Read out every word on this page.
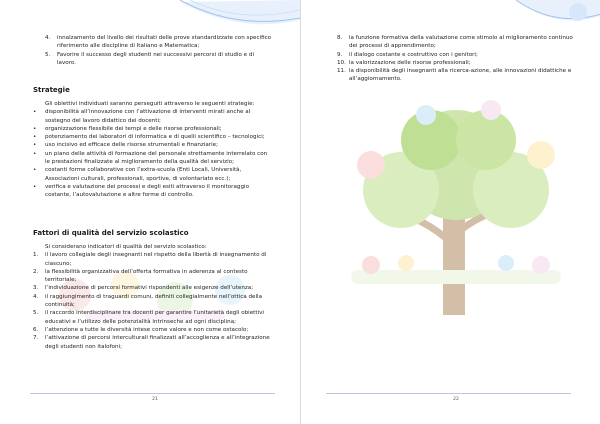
4. innalzamento del livello dei risultati delle prove standardizzate con specifico riferimento alle discipline di Italiano e Matematica;
5. Favorire il successo degli studenti nei successivi percorsi di studio e di lavoro.
Strategie
Gli obiettivi individuati saranno perseguiti attraverso le seguenti strategie:
• disponibilità all’innovazione con l’attivazione di interventi mirati anche al sostegno del lavoro didattico dei docenti;
• organizzazione flessibile dei tempi e delle risorse professionali;
• potenziamento dei laboratori di informatica e di quelli scientifico – tecnologici;
• uso incisivo ed efficace delle risorse strumentali e finanziarie;
• un piano delle attività di formazione del personale strettamente interrelato con le prestazioni finalizzate al miglioramento della qualità del servizio;
• costanti forme collaborative con l’extra-scuola (Enti Locali, Università, Associazioni culturali, professionali, sportive, di volontariato ecc.);
• verifica e valutazione dei processi e degli esiti attraverso il monitoraggio costante, l’autovalutazione e altre forme di controllo.
Fattori di qualità del servizio scolastico
Si considerano indicatori di qualità del servizio scolastico:
1. il lavoro collegiale degli insegnanti nel rispetto della libertà di insegnamento di ciascuno;
2. la flessibilità organizzativa dell’offerta formativa in aderenza al contesto territoriale;
3. l’individuazione di percorsi formativi rispondenti alle esigenze dell’utenza;
4. il raggiungimento di traguardi comuni, definiti collegialmente nell’ottica della continuità;
5. il raccordo interdisciplinare tra docenti per garantire l’unitarietà degli obiettivi educativi e l’utilizzo delle potenzialità intrinseche ad ogni disciplina;
6. l’attenzione a tutte le diversità intese come valore e non come ostacolo;
7. l’attivazione di percorsi interculturali finalizzati all’accoglienza e all’integrazione degli studenti non italofoni;
21
8. la funzione formativa della valutazione come stimolo al miglioramento continuo dei processi di apprendimento;
9. il dialogo costante e costruttivo con i genitori;
10. la valorizzazione delle risorse professionali;
11. la disponibilità degli insegnanti alla ricerca-azione, alle innovazioni didattiche e all’aggiornamento.
22
